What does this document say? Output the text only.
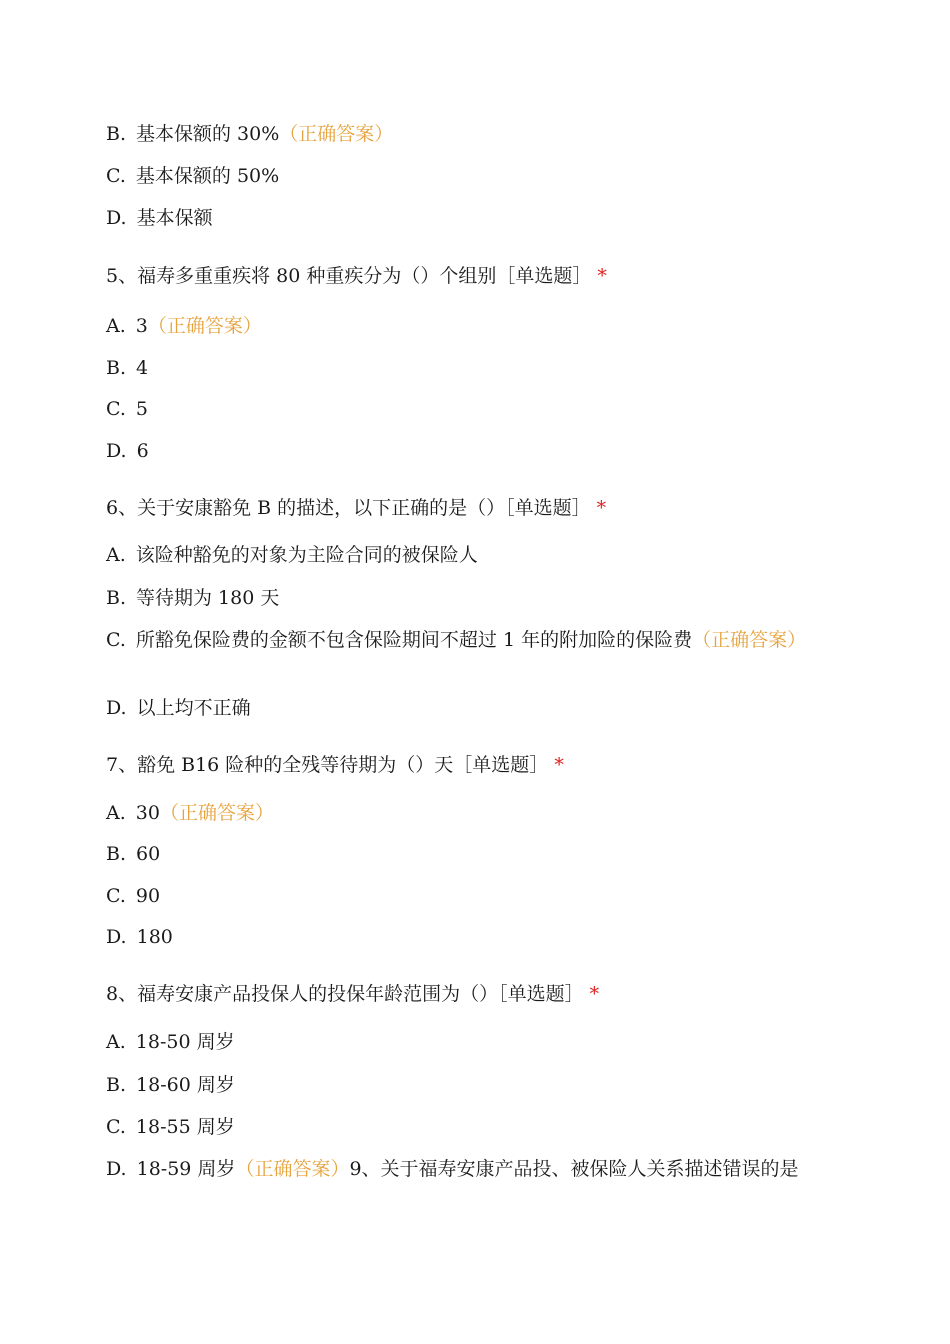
B. 基本保额的 30%（正确答案）
C. 基本保额的 50%
D. 基本保额
5、福寿多重重疾将 80 种重疾分为（）个组别［单选题］ *
A. 3（正确答案）
B. 4
C. 5
D. 6
6、关于安康豁免 B 的描述，以下正确的是（）［单选题］ *
A. 该险种豁免的对象为主险合同的被保险人
B. 等待期为 180 天
C. 所豁免保险费的金额不包含保险期间不超过 1 年的附加险的保险费（正确答案）
D. 以上均不正确
7、豁免 B16 险种的全残等待期为（）天［单选题］ *
A. 30（正确答案）
B. 60
C. 90
D. 180
8、福寿安康产品投保人的投保年龄范围为（）［单选题］ *
A. 18-50 周岁
B. 18-60 周岁
C. 18-55 周岁
D. 18-59 周岁（正确答案）9、关于福寿安康产品投、被保险人关系描述错误的是
